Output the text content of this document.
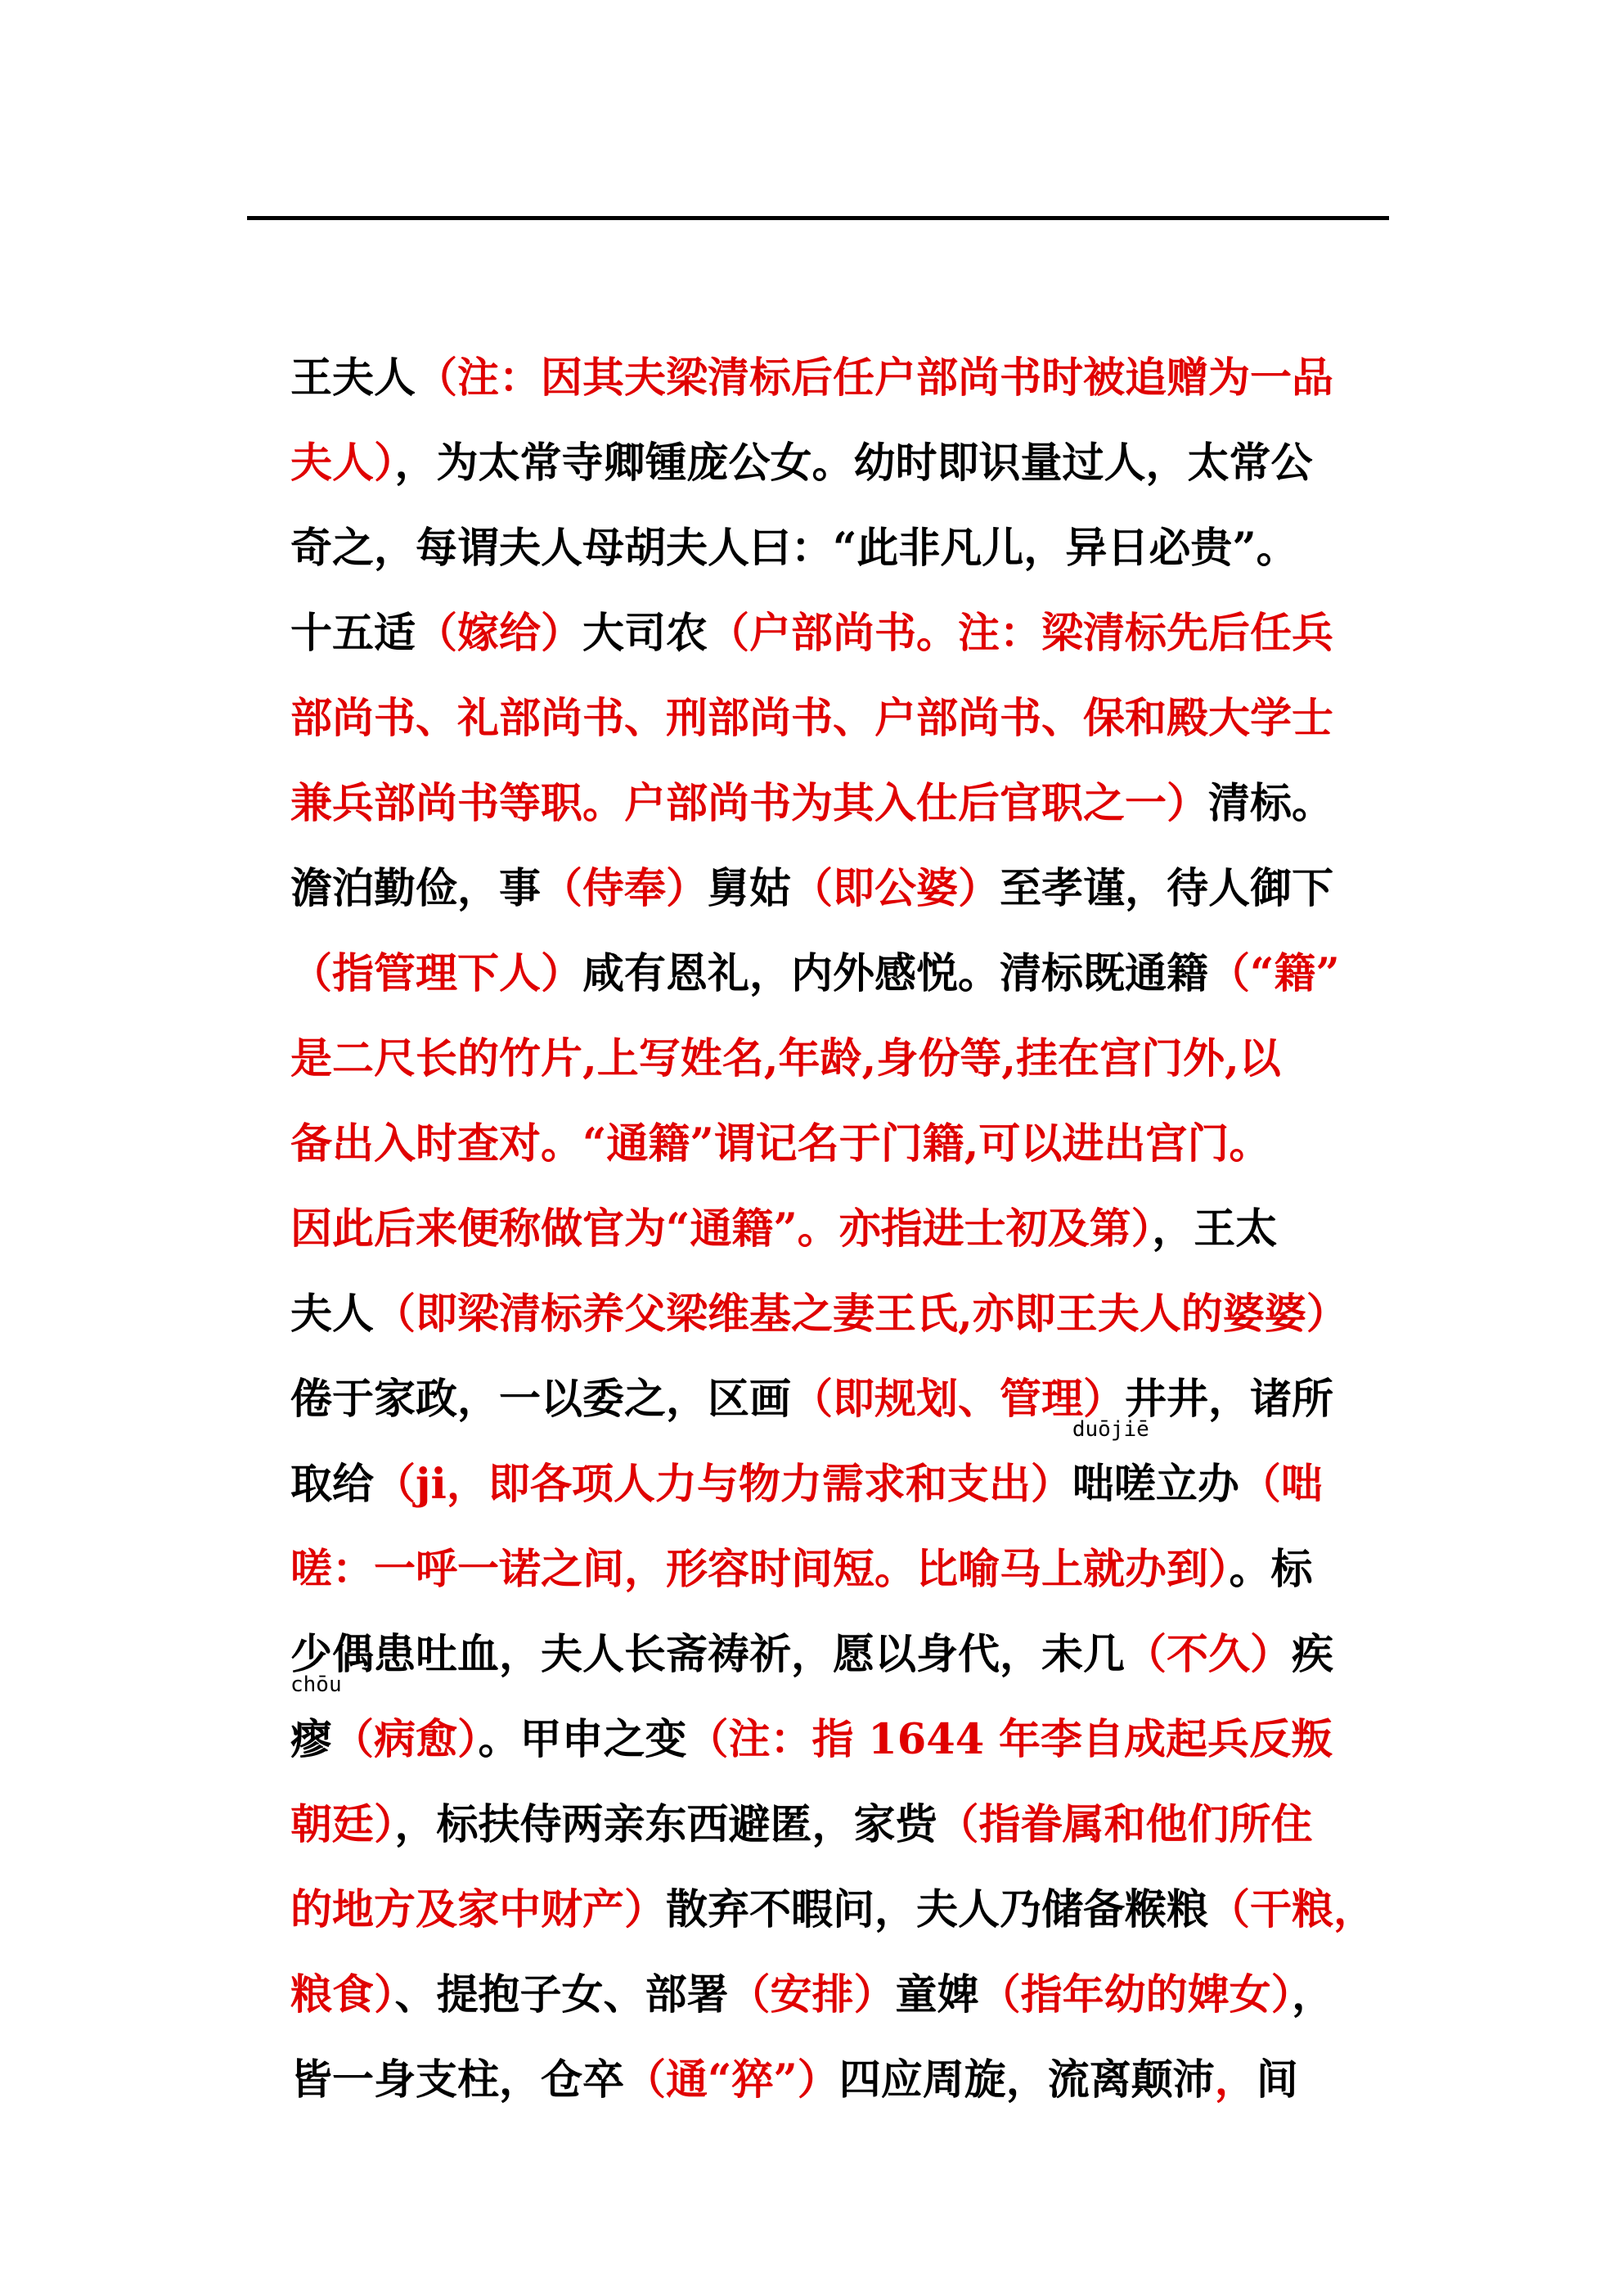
王夫人（注：因其夫梁清标后任户部尚书时被追赠为一品
夫人），为太常寺卿锺庞公女。幼时即识量过人，太常公
奇之，每谓夫人母胡夫人曰：“此非凡儿，异日必贵”。
十五适（嫁给）大司农（户部尚书。注：梁清标先后任兵
部尚书、礼部尚书、刑部尚书、户部尚书、保和殿大学士
兼兵部尚书等职。户部尚书为其入仕后官职之一）清标。
澹泊勤俭，事（侍奉）舅姑（即公婆）至孝谨，待人御下
（指管理下人）咸有恩礼，内外感悦。清标既通籍（“籍”
是二尺长的竹片,上写姓名,年龄,身份等,挂在宫门外,以
备出入时查对。“通籍”谓记名于门籍,可以进出宫门。
因此后来便称做官为“通籍”。亦指进士初及第），王太
夫人（即梁清标养父梁维基之妻王氏,亦即王夫人的婆婆）
倦于家政，一以委之，区画（即规划、管理）井井，诸所
取给（ji，即各项人力与物力需求和支出）
duōjiē
咄嗟立办（咄
嗟：一呼一诺之间，形容时间短。比喻马上就办到）。标
少偶患吐血，夫人长斋祷祈，愿以身代，未几（不久）疾
chōu
瘳（病愈）。甲申之变（注：指 1644 年李自成起兵反叛
朝廷），标扶侍两亲东西避匿，家赀（指眷属和他们所住
的地方及家中财产）散弃不暇问，夫人乃储备糇粮（干粮，
粮食）、提抱子女、部署（安排）童婢（指年幼的婢女），
皆一身支柱，仓卒（通“猝”）四应周旋，流离颠沛，间
